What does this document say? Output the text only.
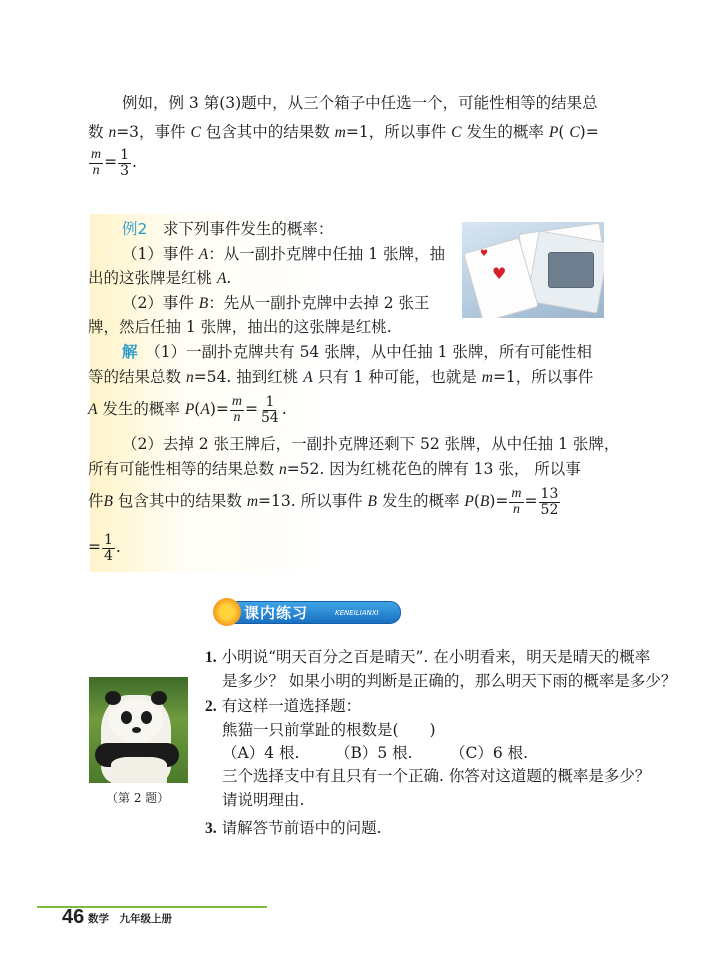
例如，例 3 第(3)题中，从三个箱子中任选一个，可能性相等的结果总
数 n=3，事件 C 包含其中的结果数 m=1，所以事件 C 发生的概率 P( C)=
$\frac{m}{n} = \frac{1}{3}$ .
♥
♥
例2　 求下列事件发生的概率：
（1）事件 A：从一副扑克牌中任抽 1 张牌，抽
出的这张牌是红桃 A.
（2）事件 B：先从一副扑克牌中去掉 2 张王
牌，然后任抽 1 张牌，抽出的这张牌是红桃.
解　 （1）一副扑克牌共有 54 张牌，从中任抽 1 张牌，所有可能性相
等的结果总数 n=54. 抽到红桃 A 只有 1 种可能，也就是 m=1，所以事件
A 发生的概率 $P(A)= \frac{m}{n} = \frac{1}{54}$ .
（2）去掉 2 张王牌后，一副扑克牌还剩下 52 张牌，从中任抽 1 张牌，
所有可能性相等的结果总数 n=52. 因为红桃花色的牌有 13 张， 所以事
件B 包含其中的结果数 m=13. 所以事件 B 发生的概率 $P(B)= \frac{m}{n} = \frac{13}{52}$
= $\frac{1}{4}$ .
课内练习	KENEILIANXI
（第 2 题）
1. 小明说“明天百分之百是晴天”. 在小明看来，明天是晴天的概率
是多少？ 如果小明的判断是正确的，那么明天下雨的概率是多少？
2. 有这样一道选择题：
熊猫一只前掌趾的根数是(　　)
（A）4 根. （B）5 根. （C）6 根.
三个选择支中有且只有一个正确. 你答对这道题的概率是多少？
请说明理由.
3. 请解答节前语中的问题.
46 数学　九年级上册
